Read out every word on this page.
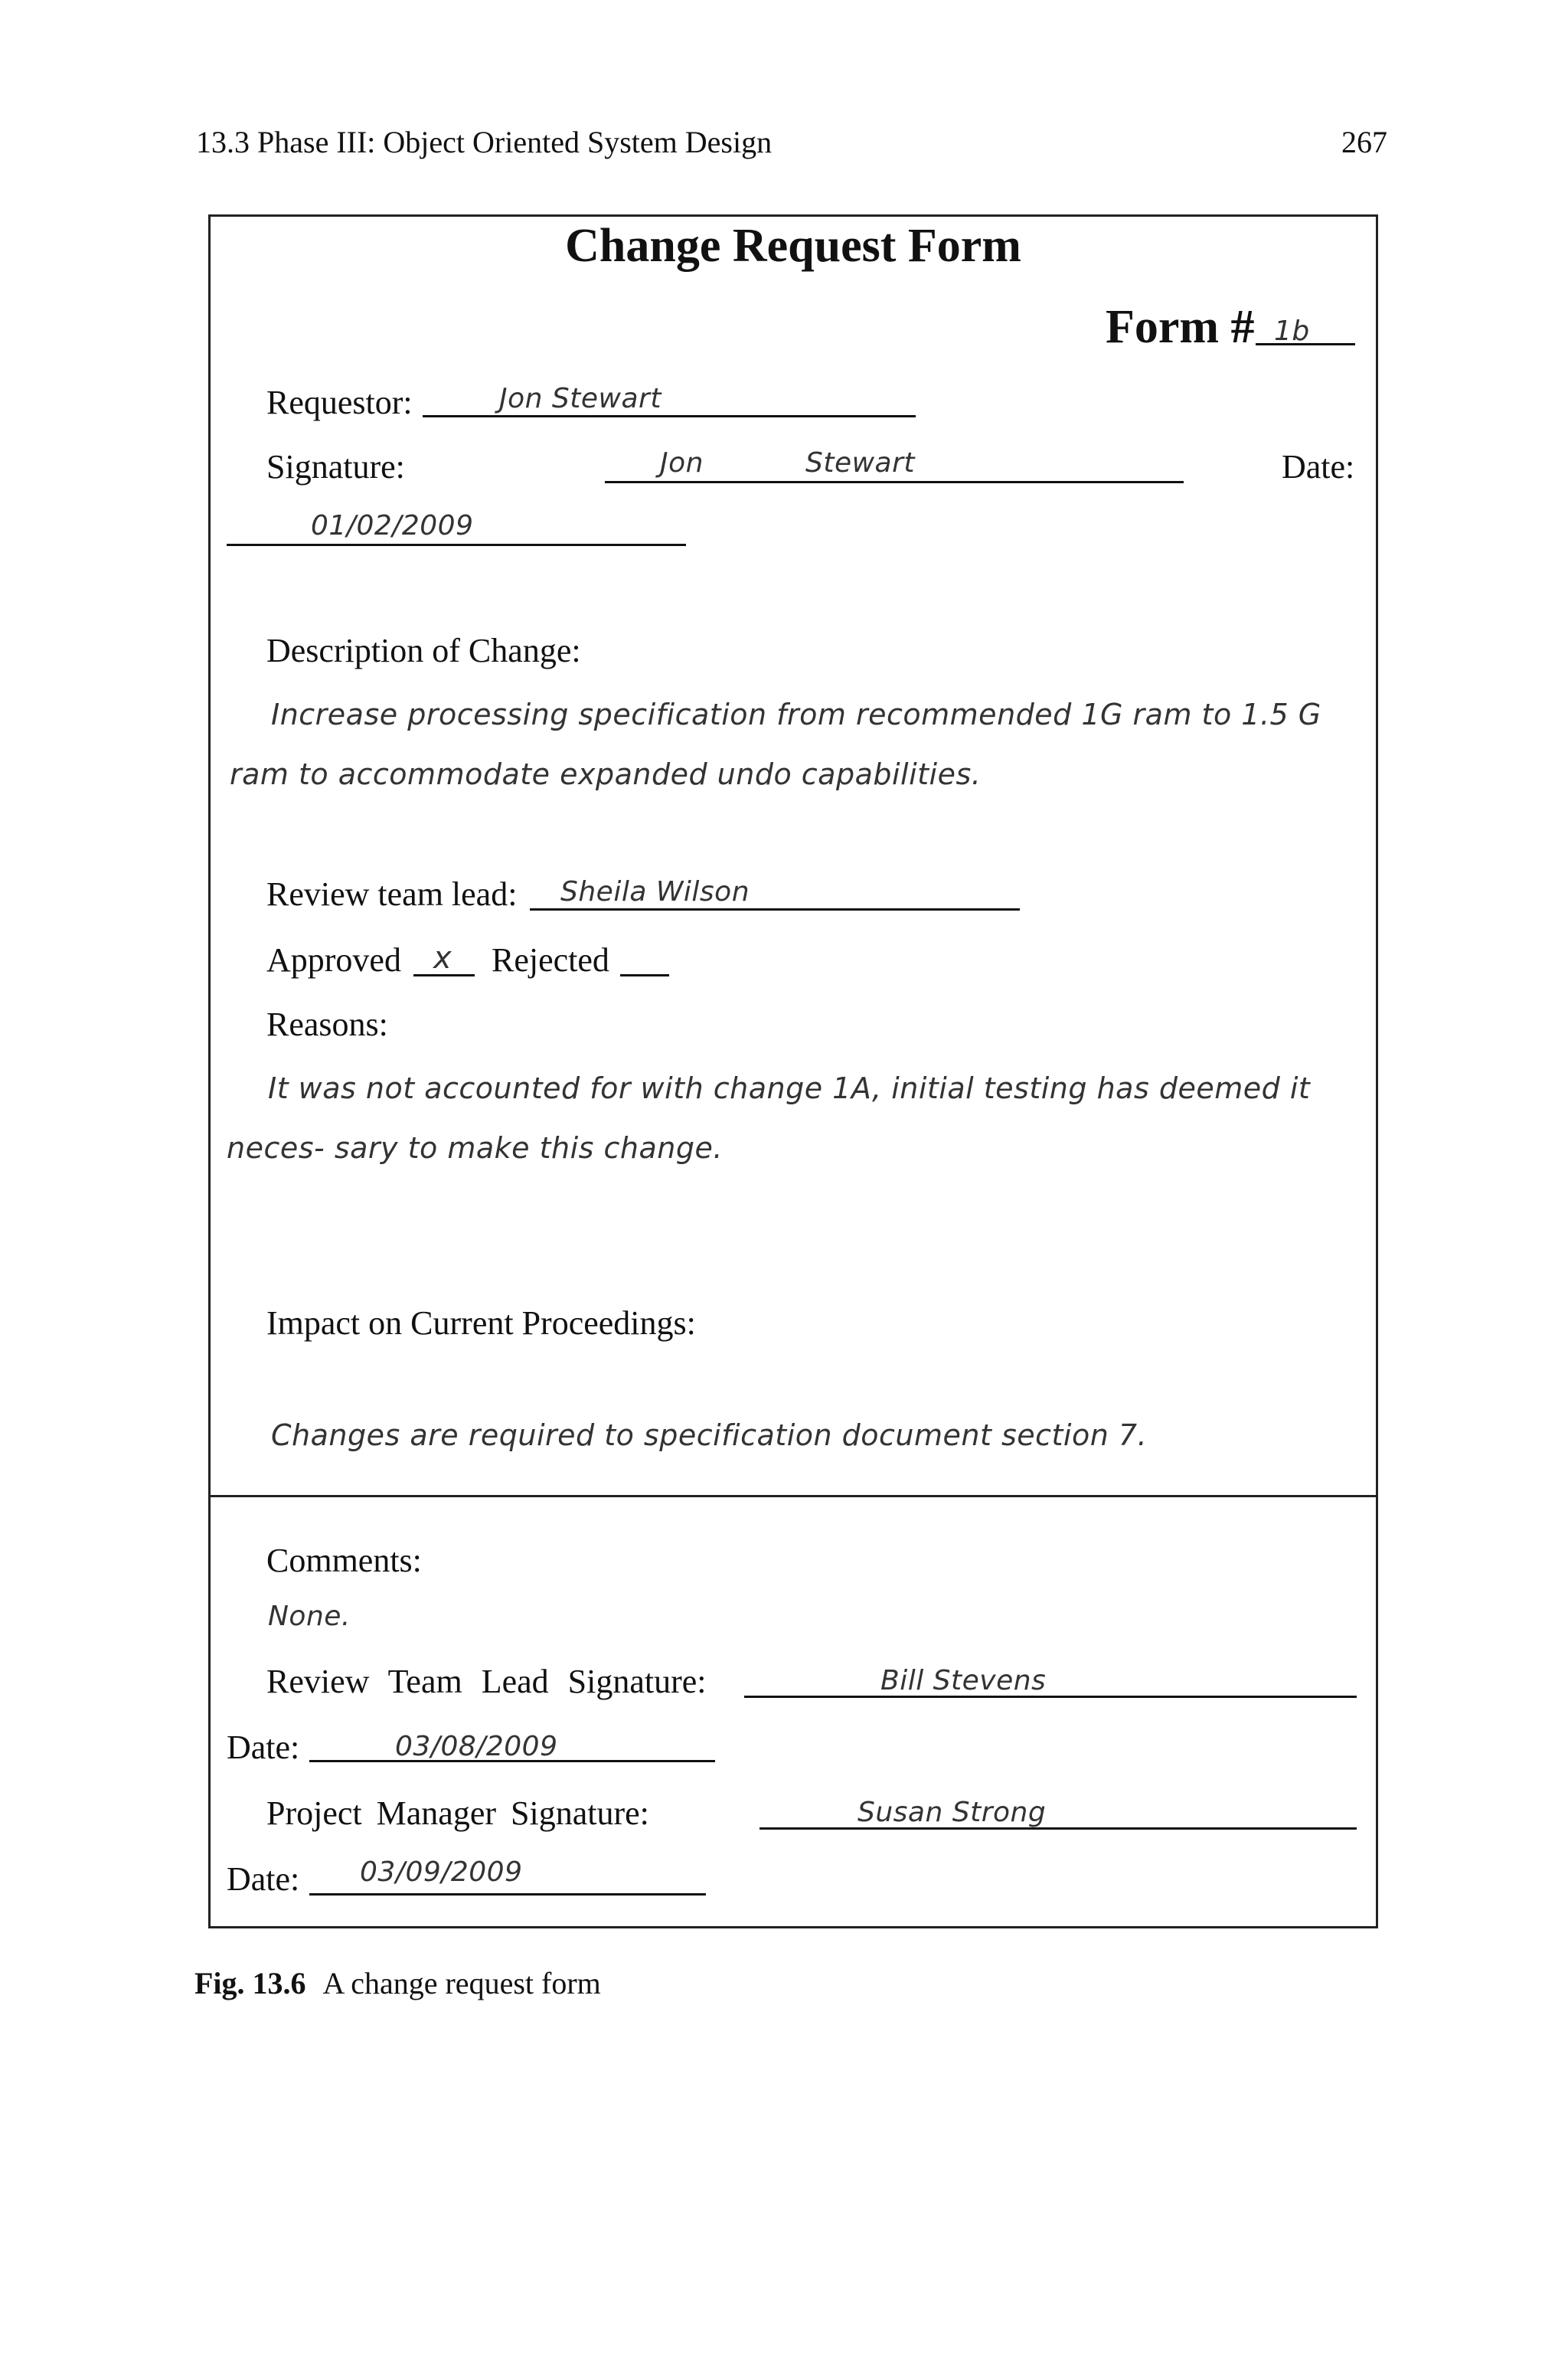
13.3 Phase III: Object Oriented System Design	267
Change Request Form
Form # 1b
Requestor:	Jon Stewart
Signature:	Jon	Stewart	Date:
01/02/2009
Description of Change:
Increase processing specification from recommended 1G ram to 1.5 G ram to accommodate expanded undo capabilities.
Review team lead: Sheila Wilson
Approved x Rejected
Reasons:
It was not accounted for with change 1A, initial testing has deemed it neces- sary to make this change.
Impact on Current Proceedings:
Changes are required to specification document section 7.
Comments:
None.
Review Team Lead Signature:	Bill Stevens
Date:	03/08/2009
Project Manager Signature:	Susan Strong
Date: 03/09/2009
Fig. 13.6 A change request form
